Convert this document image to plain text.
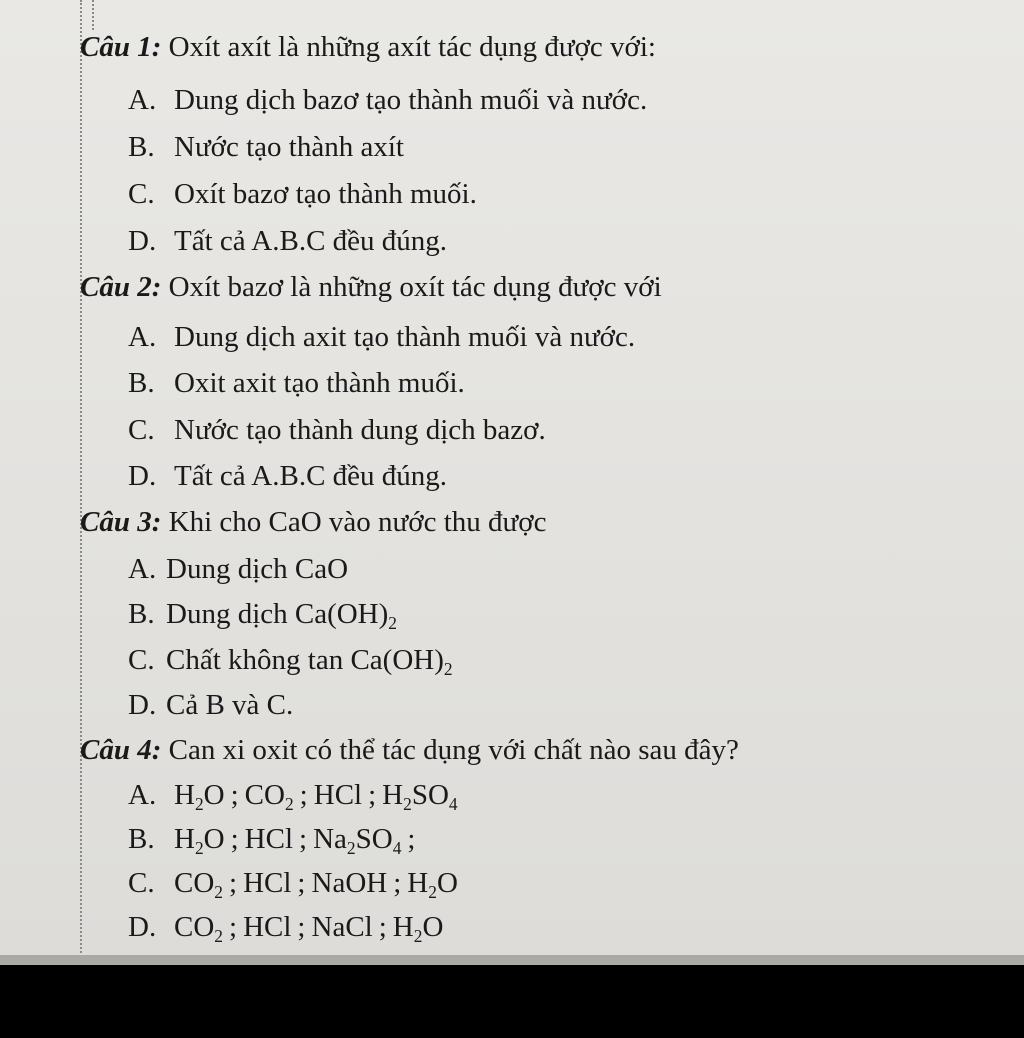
Câu 1: Oxít axít là những axít tác dụng được với:
A. Dung dịch bazơ tạo thành muối và nước.
B. Nước tạo thành axít
C. Oxít bazơ tạo thành muối.
D. Tất cả A.B.C đều đúng.
Câu 2: Oxít bazơ là những oxít tác dụng được với
A. Dung dịch axit tạo thành muối và nước.
B. Oxit axit tạo thành muối.
C. Nước tạo thành dung dịch bazơ.
D. Tất cả A.B.C đều đúng.
Câu 3: Khi cho CaO vào nước thu được
A. Dung dịch CaO
B. Dung dịch $Ca(OH)_2$
C. Chất không $\tan Ca(OH)_2$
D. Cả B và C.
Câu 4: Can xi oxit có thể tác dụng với chất nào sau đây?
A. $H_2O$ ; $CO_2$ ; HCl ; $H_2SO_4$
B. $H_2O$ ; HCl ; $Na_2SO_4$ ;
C. $CO_2$ ; HCl ; NaOH ; $H_2O$
D. $CO_2$ ; HCl ; NaCl ; $H_2O$
